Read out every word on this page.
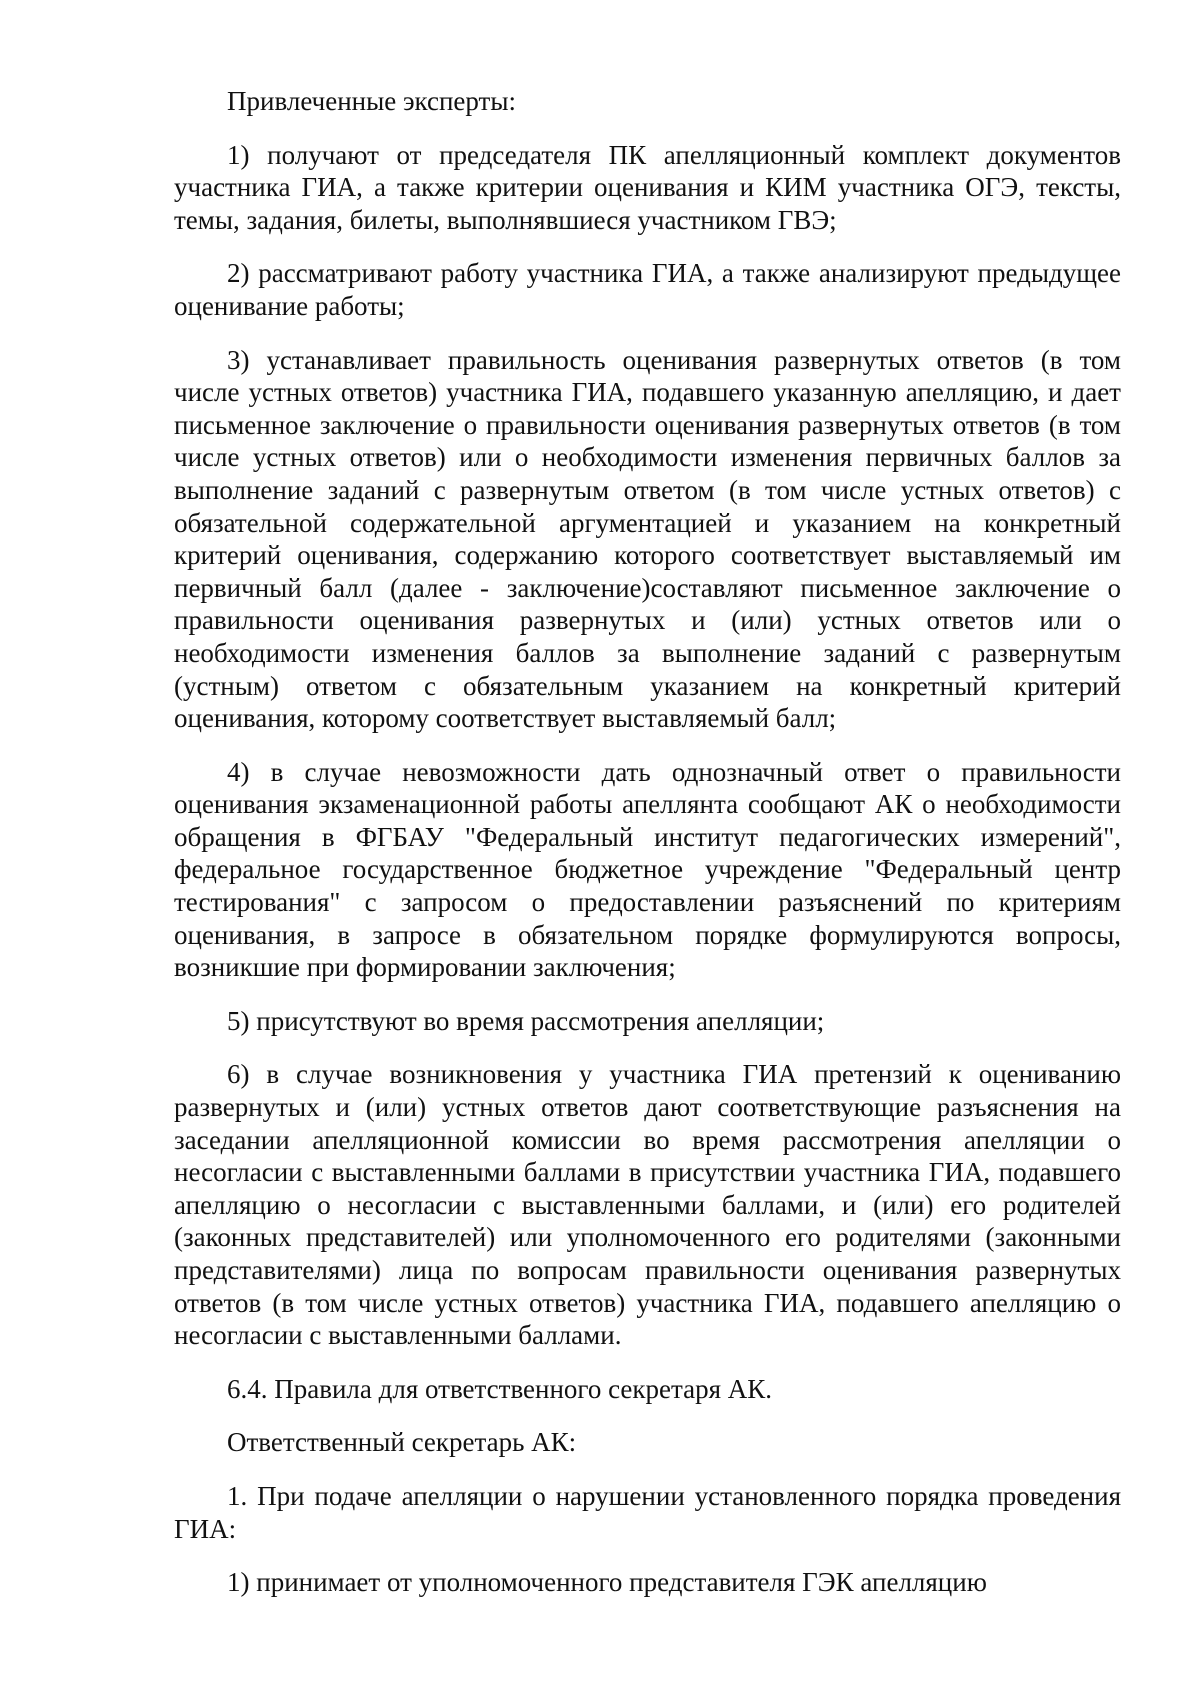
Привлеченные эксперты:

1) получают от председателя ПК апелляционный комплект документов участника ГИА, а также критерии оценивания и КИМ участника ОГЭ, тексты, темы, задания, билеты, выполнявшиеся участником ГВЭ;

2) рассматривают работу участника ГИА, а также анализируют предыдущее оценивание работы;

3) устанавливает правильность оценивания развернутых ответов (в том числе устных ответов) участника ГИА, подавшего указанную апелляцию, и дает письменное заключение о правильности оценивания развернутых ответов (в том числе устных ответов) или о необходимости изменения первичных баллов за выполнение заданий с развернутым ответом (в том числе устных ответов) с обязательной содержательной аргументацией и указанием на конкретный критерий оценивания, содержанию которого соответствует выставляемый им первичный балл (далее - заключение)составляют письменное заключение о правильности оценивания развернутых и (или) устных ответов или о необходимости изменения баллов за выполнение заданий с развернутым (устным) ответом с обязательным указанием на конкретный критерий оценивания, которому соответствует выставляемый балл;

4) в случае невозможности дать однозначный ответ о правильности оценивания экзаменационной работы апеллянта сообщают АК о необходимости обращения в ФГБАУ "Федеральный институт педагогических измерений", федеральное государственное бюджетное учреждение "Федеральный центр тестирования" с запросом о предоставлении разъяснений по критериям оценивания, в запросе в обязательном порядке формулируются вопросы, возникшие при формировании заключения;

5) присутствуют во время рассмотрения апелляции;

6) в случае возникновения у участника ГИА претензий к оцениванию развернутых и (или) устных ответов дают соответствующие разъяснения на заседании апелляционной комиссии во время рассмотрения апелляции о несогласии с выставленными баллами в присутствии участника ГИА, подавшего апелляцию о несогласии с выставленными баллами, и (или) его родителей (законных представителей) или уполномоченного его родителями (законными представителями) лица по вопросам правильности оценивания развернутых ответов (в том числе устных ответов) участника ГИА, подавшего апелляцию о несогласии с выставленными баллами.

6.4. Правила для ответственного секретаря АК.

Ответственный секретарь АК:

1. При подаче апелляции о нарушении установленного порядка проведения ГИА:

1) принимает от уполномоченного представителя ГЭК апелляцию
